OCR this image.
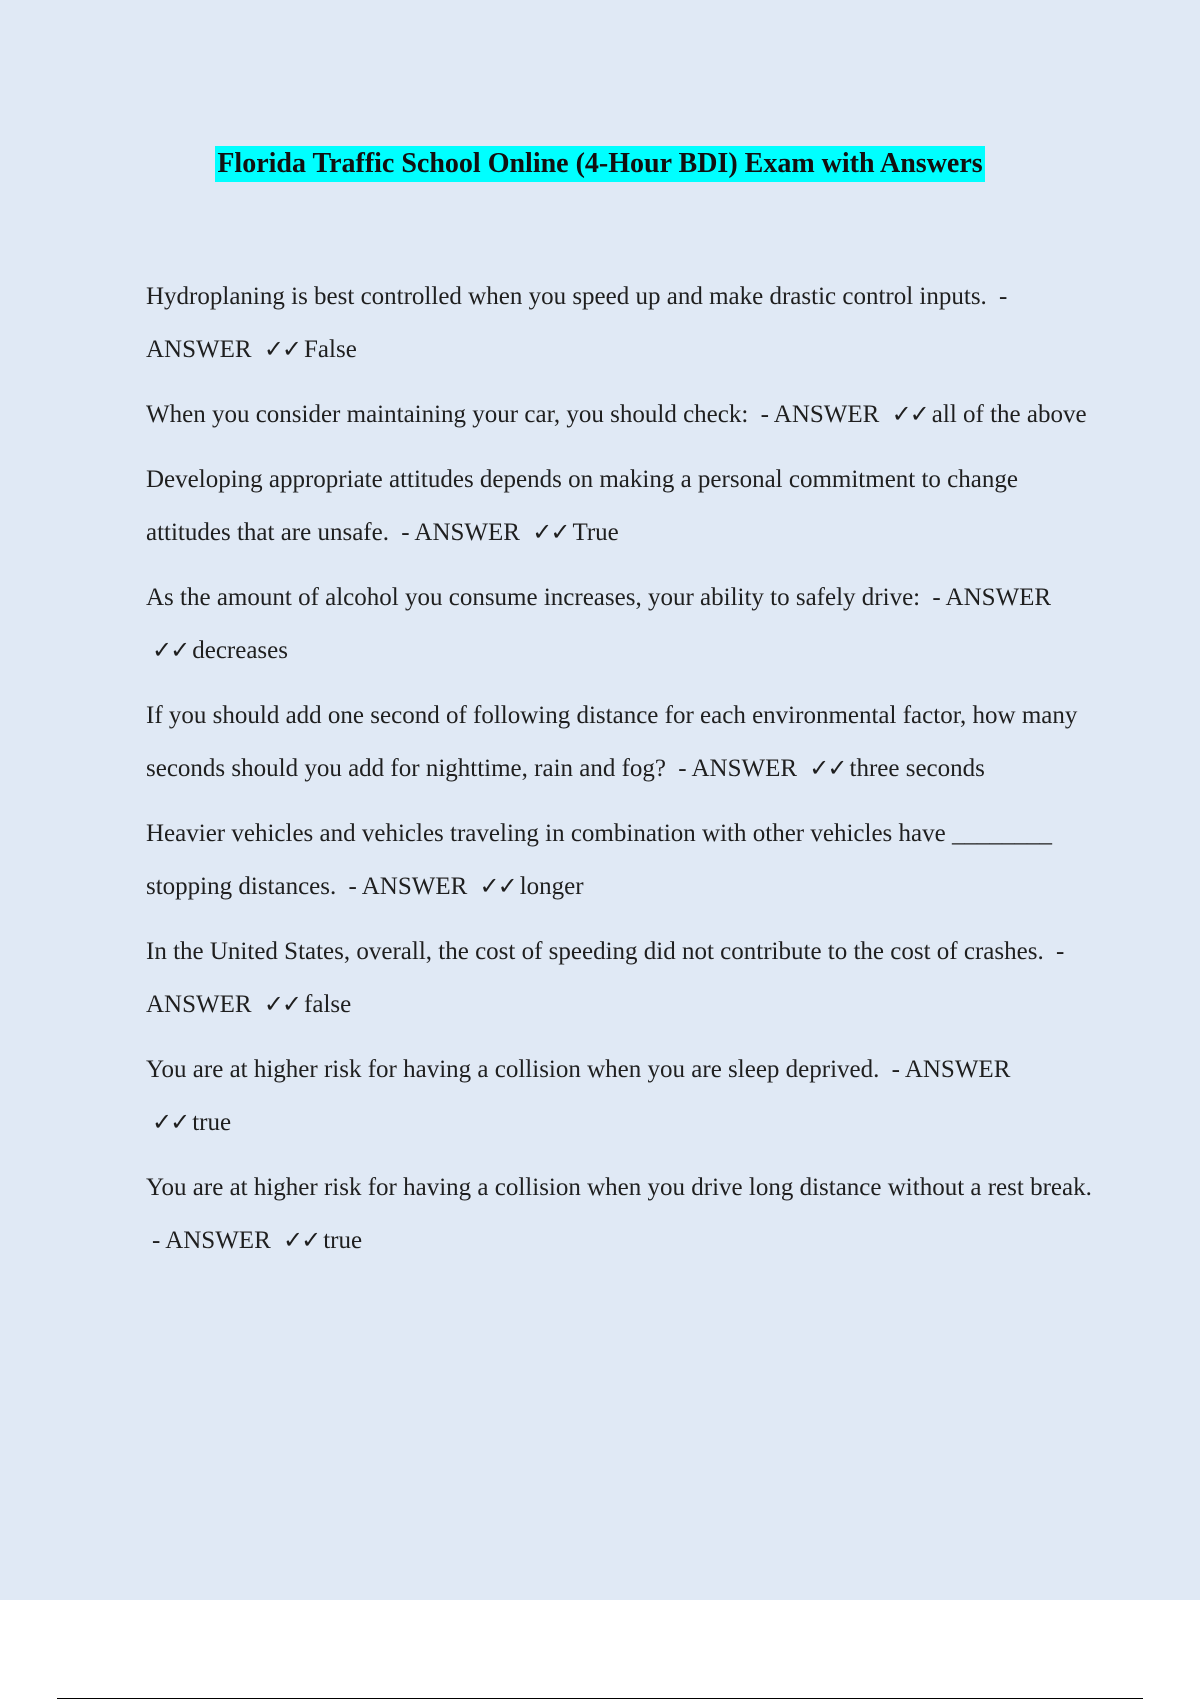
Florida Traffic School Online (4-Hour BDI) Exam with Answers

Hydroplaning is best controlled when you speed up and make drastic control inputs. - ANSWER ✓✓ False

When you consider maintaining your car, you should check: - ANSWER ✓✓ all of the above

Developing appropriate attitudes depends on making a personal commitment to change attitudes that are unsafe. - ANSWER ✓✓ True

As the amount of alcohol you consume increases, your ability to safely drive: - ANSWER ✓✓ decreases

If you should add one second of following distance for each environmental factor, how many seconds should you add for nighttime, rain and fog? - ANSWER ✓✓ three seconds

Heavier vehicles and vehicles traveling in combination with other vehicles have ________ stopping distances. - ANSWER ✓✓ longer

In the United States, overall, the cost of speeding did not contribute to the cost of crashes. - ANSWER ✓✓ false

You are at higher risk for having a collision when you are sleep deprived. - ANSWER ✓✓ true

You are at higher risk for having a collision when you drive long distance without a rest break. - ANSWER ✓✓ true
